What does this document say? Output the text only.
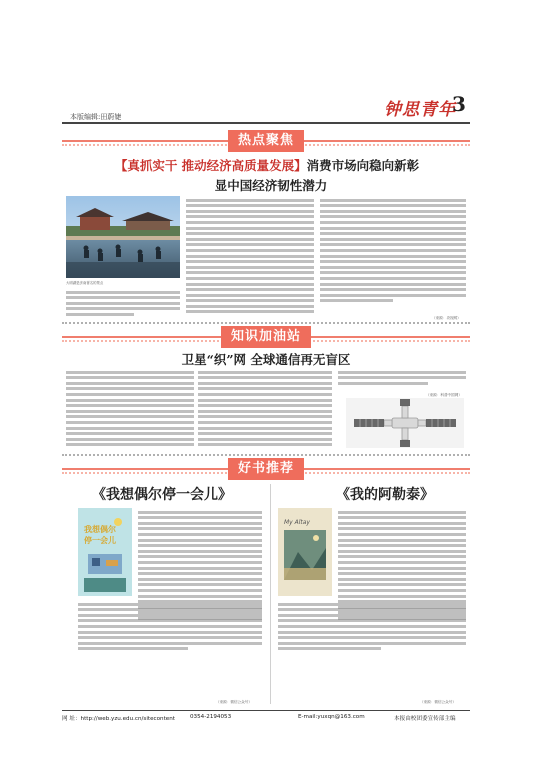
本版编辑:田蔚婕	钟思青年
3
热点聚焦
【真抓实干 推动经济高质量发展】消费市场向稳向新彰
显中国经济韧性潜力
大明湖是济南著名的景点
（来源：央视网）
知识加油站
卫星“织”网 全球通信再无盲区
（来源：科普中国网）
好书推荐
《我想偶尔停一会儿》
我想偶尔
停一会儿
（来源：微信公众号）
《我的阿勒泰》
My Altay
（来源：微信公众号）
网 址：http://web.yzu.edu.cn/sitecontent	0354-2194053	E-mail:yuxqn@163.com	本报由校团委宣传部主编
